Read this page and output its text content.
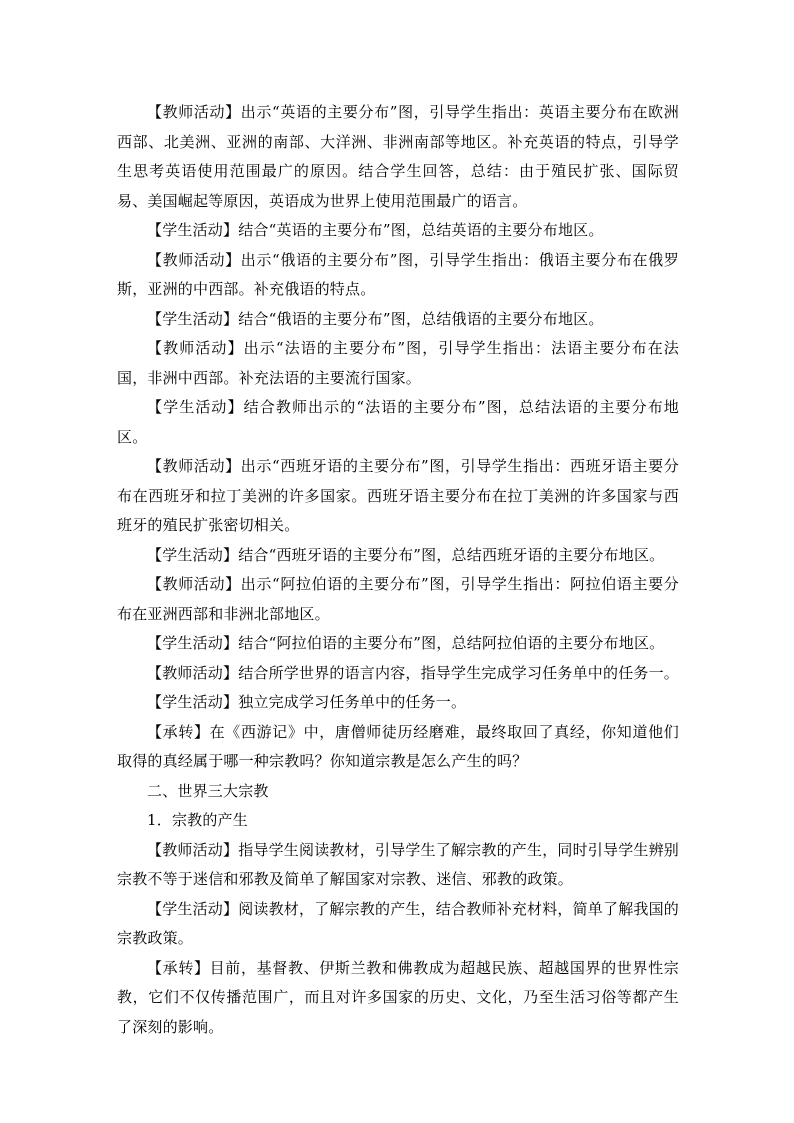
【教师活动】出示“英语的主要分布”图，引导学生指出：英语主要分布在欧洲西部、北美洲、亚洲的南部、大洋洲、非洲南部等地区。补充英语的特点，引导学生思考英语使用范围最广的原因。结合学生回答，总结：由于殖民扩张、国际贸易、美国崛起等原因，英语成为世界上使用范围最广的语言。

【学生活动】结合“英语的主要分布”图，总结英语的主要分布地区。

【教师活动】出示“俄语的主要分布”图，引导学生指出：俄语主要分布在俄罗斯，亚洲的中西部。补充俄语的特点。

【学生活动】结合“俄语的主要分布”图，总结俄语的主要分布地区。

【教师活动】出示“法语的主要分布”图，引导学生指出：法语主要分布在法国，非洲中西部。补充法语的主要流行国家。

【学生活动】结合教师出示的“法语的主要分布”图，总结法语的主要分布地区。

【教师活动】出示“西班牙语的主要分布”图，引导学生指出：西班牙语主要分布在西班牙和拉丁美洲的许多国家。西班牙语主要分布在拉丁美洲的许多国家与西班牙的殖民扩张密切相关。

【学生活动】结合“西班牙语的主要分布”图，总结西班牙语的主要分布地区。

【教师活动】出示“阿拉伯语的主要分布”图，引导学生指出：阿拉伯语主要分布在亚洲西部和非洲北部地区。

【学生活动】结合“阿拉伯语的主要分布”图，总结阿拉伯语的主要分布地区。

【教师活动】结合所学世界的语言内容，指导学生完成学习任务单中的任务一。

【学生活动】独立完成学习任务单中的任务一。

【承转】在《西游记》中，唐僧师徒历经磨难，最终取回了真经，你知道他们取得的真经属于哪一种宗教吗？你知道宗教是怎么产生的吗？

二、世界三大宗教

1．宗教的产生

【教师活动】指导学生阅读教材，引导学生了解宗教的产生，同时引导学生辨别宗教不等于迷信和邪教及简单了解国家对宗教、迷信、邪教的政策。

【学生活动】阅读教材，了解宗教的产生，结合教师补充材料，简单了解我国的宗教政策。

【承转】目前，基督教、伊斯兰教和佛教成为超越民族、超越国界的世界性宗教，它们不仅传播范围广，而且对许多国家的历史、文化，乃至生活习俗等都产生了深刻的影响。
